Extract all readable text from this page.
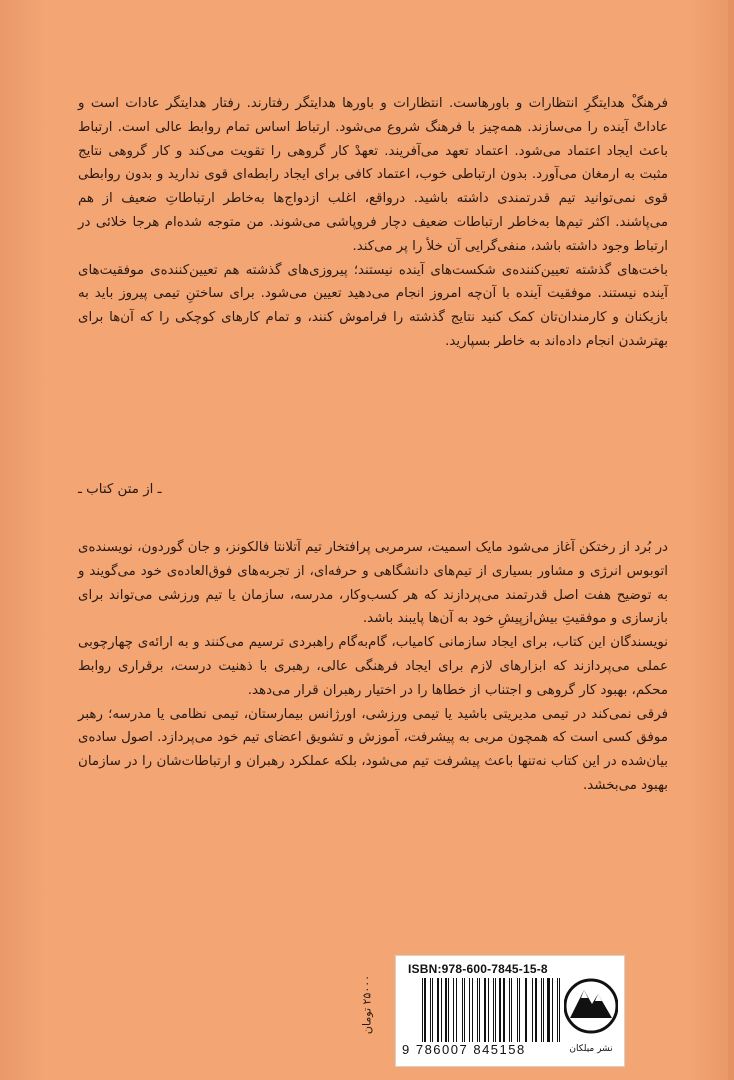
فرهنگْ هدایتگرِ انتظارات و باورهاست. انتظارات و باورها هدایتگر رفتارند. رفتار هدایتگر عادات است و عاداتْ آینده را می‌سازند. همه‌چیز با فرهنگ شروع می‌شود. ارتباط اساس تمام روابط عالی است. ارتباط باعث ایجاد اعتماد می‌شود. اعتماد تعهد می‌آفریند. تعهدْ کار گروهی را تقویت می‌کند و کار گروهی نتایج مثبت به ارمغان می‌آورد. بدون ارتباطی خوب، اعتماد کافی برای ایجاد رابطه‌ای قوی ندارید و بدون روابطی قوی نمی‌توانید تیم قدرتمندی داشته باشید. درواقع، اغلب ازدواج‌ها به‌خاطر ارتباطاتِ ضعیف از هم می‌پاشند. اکثر تیم‌ها به‌خاطر ارتباطات ضعیف دچار فروپاشی می‌شوند. من متوجه شده‌ام هرجا خلائی در ارتباط وجود داشته باشد، منفی‌گرایی آن خلأ را پر می‌کند.

باخت‌های گذشته تعیین‌کننده‌ی شکست‌های آینده نیستند؛ پیروزی‌های گذشته هم تعیین‌کننده‌ی موفقیت‌های آینده نیستند. موفقیت آینده با آن‌چه امروز انجام می‌دهید تعیین می‌شود. برای ساختنِ تیمی پیروز باید به بازیکنان و کارمندان‌تان کمک کنید نتایج گذشته را فراموش کنند، و تمام کارهای کوچکی را که آن‌ها برای بهترشدن انجام داده‌اند به خاطر بسپارید.

ـ از متن کتاب ـ

در بُرد از رختکن آغاز می‌شود مایک اسمیت، سرمربی پرافتخار تیم آتلانتا فالکونز، و جان گوردون، نویسنده‌ی اتوبوس انرژی و مشاور بسیاری از تیم‌های دانشگاهی و حرفه‌ای، از تجربه‌های فوق‌العاده‌ی خود می‌گویند و به توضیح هفت اصل قدرتمند می‌پردازند که هر کسب‌وکار، مدرسه، سازمان یا تیم ورزشی می‌تواند برای بازسازی و موفقیتِ بیش‌ازپیشِ خود به آن‌ها پایبند باشد.

نویسندگان این کتاب، برای ایجاد سازمانی کامیاب، گام‌به‌گام راهبردی ترسیم می‌کنند و به ارائه‌ی چهارچوبی عملی می‌پردازند که ابزارهای لازم برای ایجاد فرهنگی عالی، رهبری با ذهنیت درست، برقراری روابط محکم، بهبود کار گروهی و اجتناب از خطاها را در اختیار رهبران قرار می‌دهد.

فرقی نمی‌کند در تیمی مدیریتی باشید یا تیمی ورزشی، اورژانس بیمارستان، تیمی نظامی یا مدرسه؛ رهبر موفق کسی است که همچون مربی به پیشرفت، آموزش و تشویق اعضای تیم خود می‌پردازد. اصول ساده‌ی بیان‌شده در این کتاب نه‌تنها باعث پیشرفت تیم می‌شود، بلکه عملکرد رهبران و ارتباطات‌شان را در سازمان بهبود می‌بخشد.

۲۵۰۰۰ تومان
ISBN:978-600-7845-15-8
9 786007 845158	نشر میلکان
